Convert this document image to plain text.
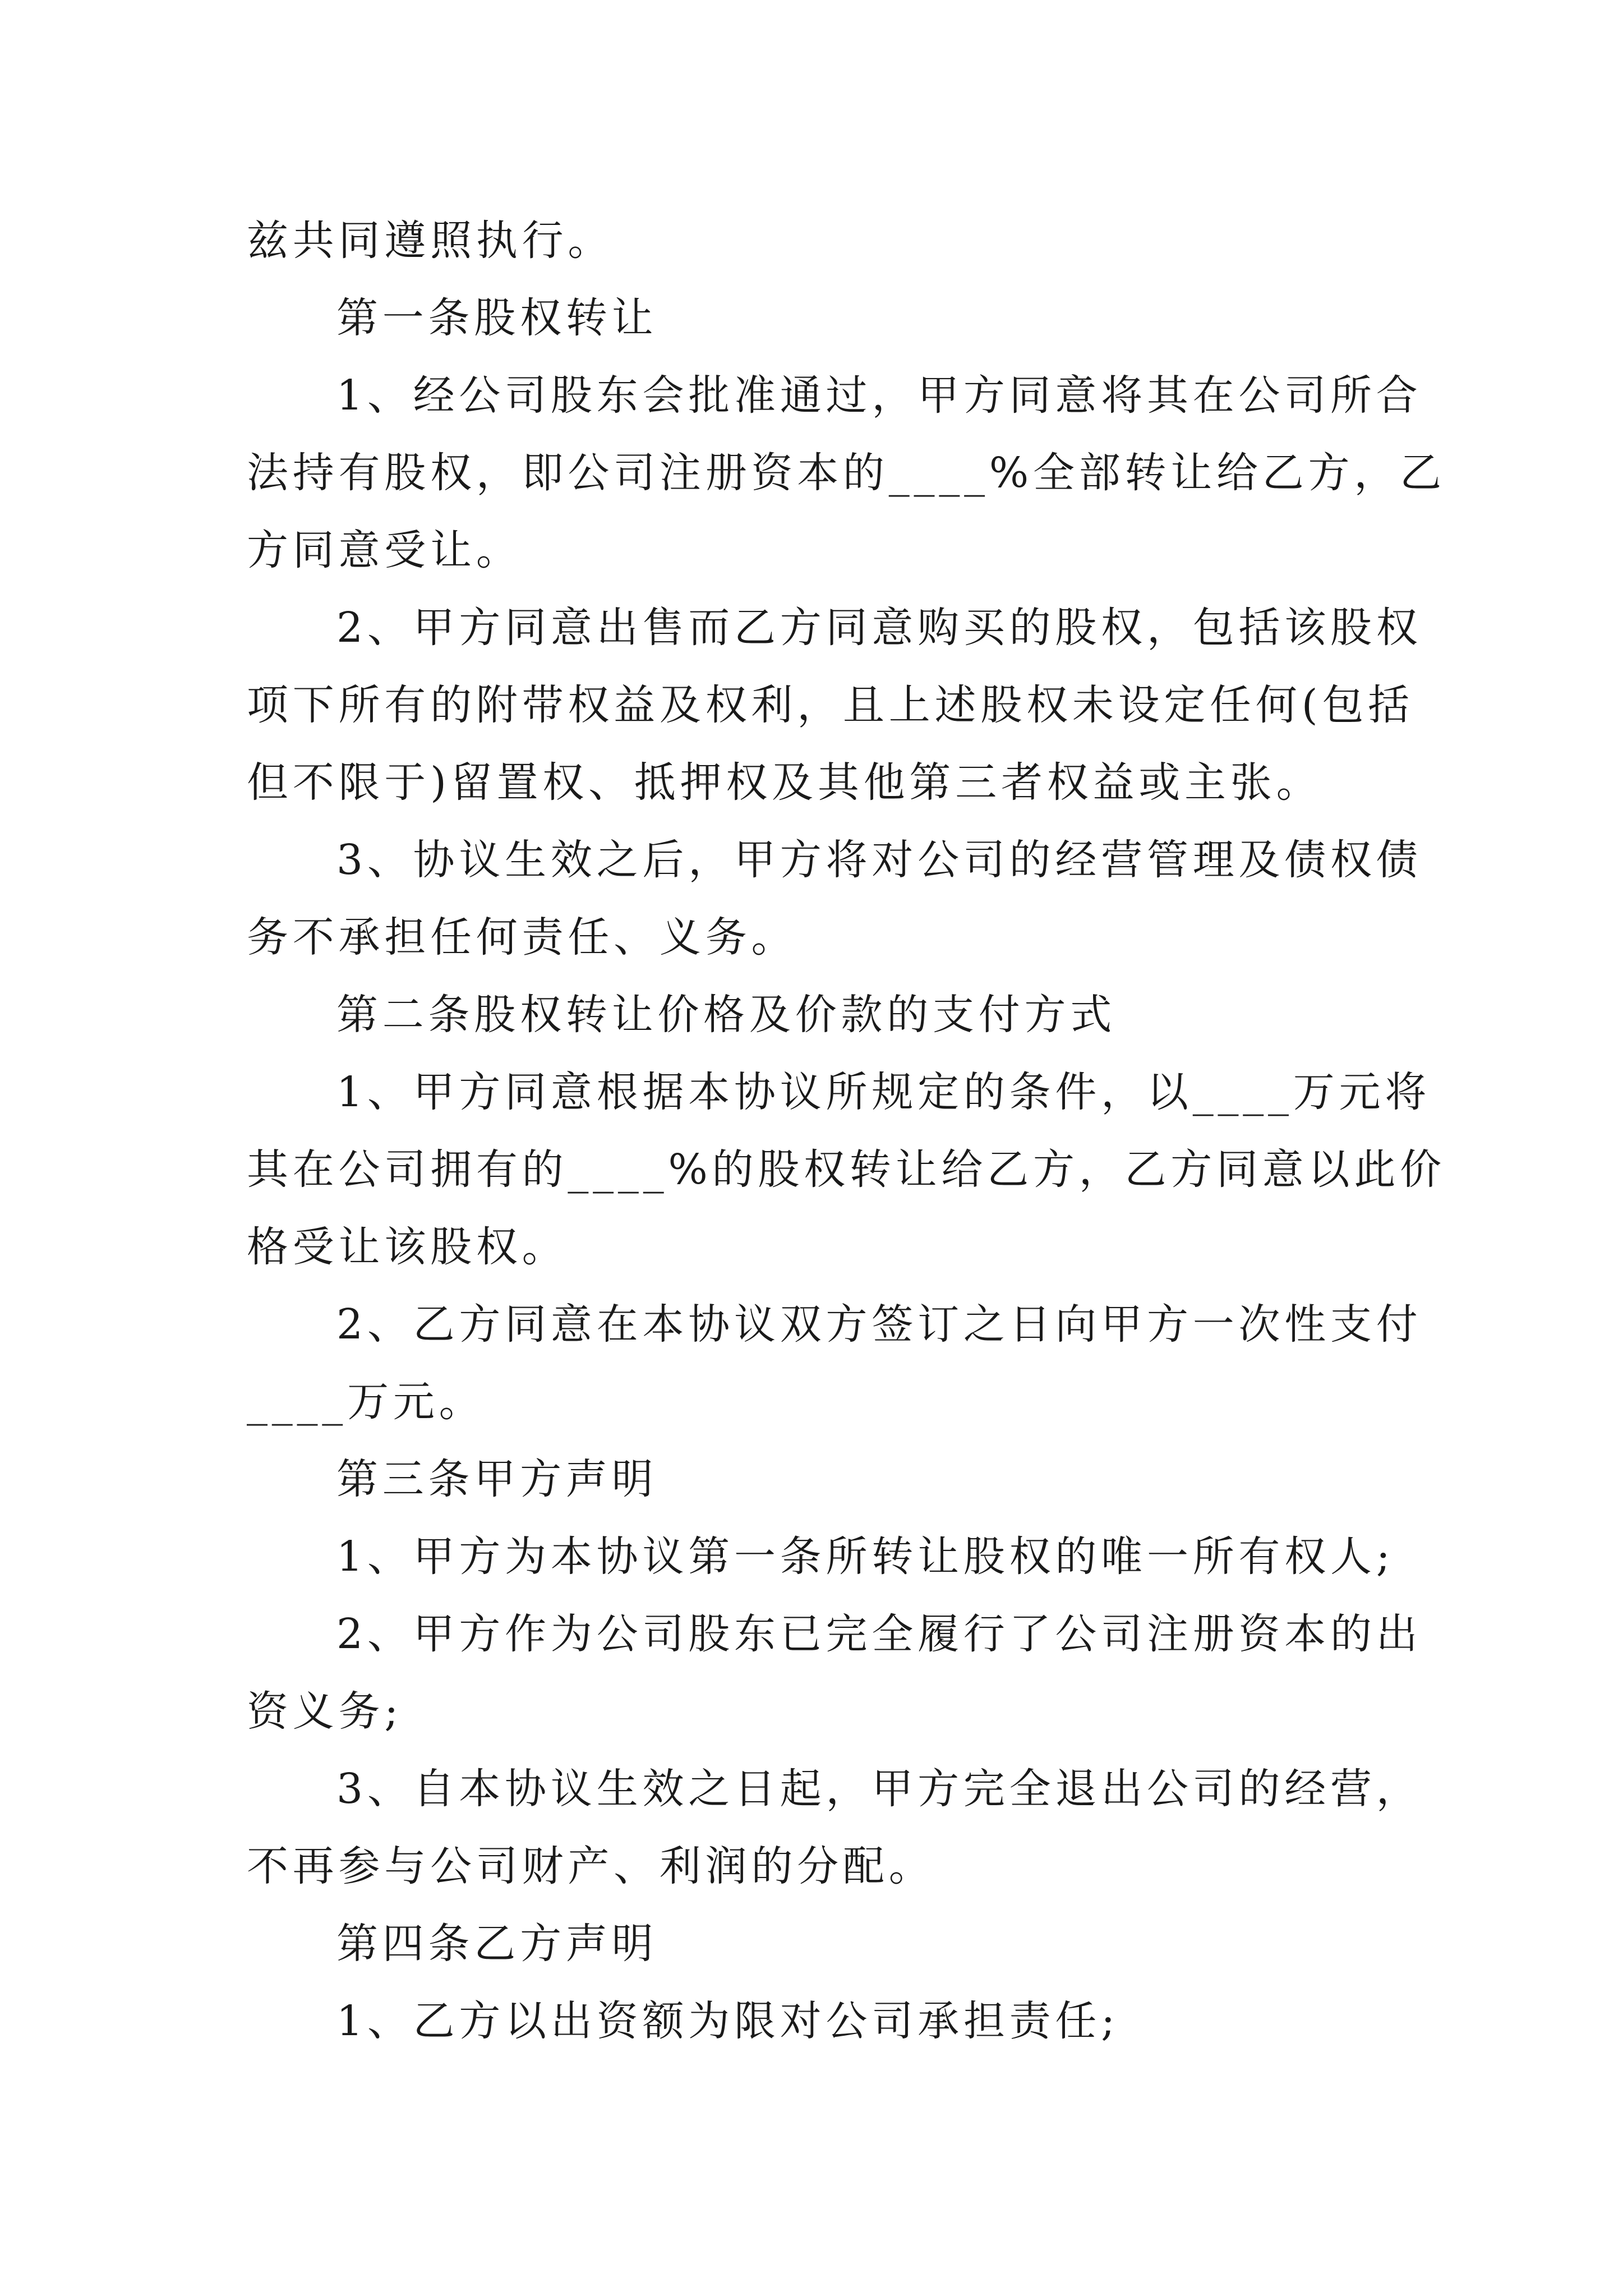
兹共同遵照执行。
第一条股权转让
1、经公司股东会批准通过，甲方同意将其在公司所合
法持有股权，即公司注册资本的____%全部转让给乙方，乙
方同意受让。
2、甲方同意出售而乙方同意购买的股权，包括该股权
项下所有的附带权益及权利，且上述股权未设定任何(包括
但不限于)留置权、抵押权及其他第三者权益或主张。
3、协议生效之后，甲方将对公司的经营管理及债权债
务不承担任何责任、义务。
第二条股权转让价格及价款的支付方式
1、甲方同意根据本协议所规定的条件，以____万元将
其在公司拥有的____%的股权转让给乙方，乙方同意以此价
格受让该股权。
2、乙方同意在本协议双方签订之日向甲方一次性支付
____万元。
第三条甲方声明
1、甲方为本协议第一条所转让股权的唯一所有权人;
2、甲方作为公司股东已完全履行了公司注册资本的出
资义务;
3、自本协议生效之日起，甲方完全退出公司的经营，
不再参与公司财产、利润的分配。
第四条乙方声明
1、乙方以出资额为限对公司承担责任;
